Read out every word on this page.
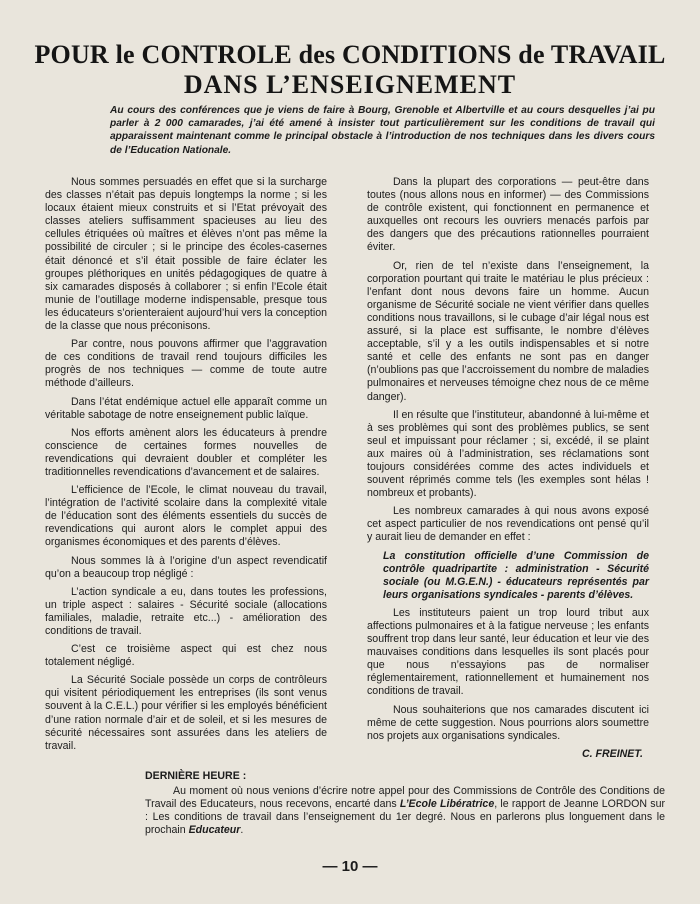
POUR le CONTROLE des CONDITIONS de TRAVAIL
DANS L’ENSEIGNEMENT
Au cours des conférences que je viens de faire à Bourg, Grenoble et Albertville et au cours desquelles j’ai pu parler à 2 000 camarades, j’ai été amené à insister tout particulièrement sur les conditions de travail qui apparaissent maintenant comme le principal obstacle à l’introduction de nos techniques dans les divers cours de l’Education Nationale.

Nous sommes persuadés en effet que si la surcharge des classes n’était pas depuis longtemps la norme ; si les locaux étaient mieux construits et si l’Etat prévoyait des classes ateliers suffisamment spacieuses au lieu des cellules étriquées où maîtres et élèves n’ont pas même la possibilité de circuler ; si le principe des écoles-casernes était dénoncé et s’il était possible de faire éclater les groupes pléthoriques en unités pédagogiques de quatre à six camarades disposés à collaborer ; si enfin l’Ecole était munie de l’outillage moderne indispensable, presque tous les éducateurs s’orienteraient aujourd’hui vers la conception de la classe que nous préconisons.

Par contre, nous pouvons affirmer que l’aggravation de ces conditions de travail rend toujours difficiles les progrès de nos techniques — comme de toute autre méthode d’ailleurs.

Dans l’état endémique actuel elle apparaît comme un véritable sabotage de notre enseignement public laïque.

Nos efforts amènent alors les éducateurs à prendre conscience de certaines formes nouvelles de revendications qui devraient doubler et compléter les traditionnelles revendications d’avancement et de salaires.

L’efficience de l’Ecole, le climat nouveau du travail, l’intégration de l’activité scolaire dans la complexité vitale de l’éducation sont des éléments essentiels du succès de revendications qui auront alors le complet appui des organismes économiques et des parents d’élèves.

Nous sommes là à l’origine d’un aspect revendicatif qu’on a beaucoup trop négligé :

L’action syndicale a eu, dans toutes les professions, un triple aspect : salaires - Sécurité sociale (allocations familiales, maladie, retraite etc...) - amélioration des conditions de travail.

C’est ce troisième aspect qui est chez nous totalement négligé.

La Sécurité Sociale possède un corps de contrôleurs qui visitent périodiquement les entreprises (ils sont venus souvent à la C.E.L.) pour vérifier si les employés bénéficient d’une ration normale d’air et de soleil, et si les mesures de sécurité nécessaires sont assurées dans les ateliers de travail.

Dans la plupart des corporations — peut-être dans toutes (nous allons nous en informer) — des Commissions de contrôle existent, qui fonctionnent en permanence et auxquelles ont recours les ouvriers menacés parfois par des dangers que des précautions rationnelles pourraient éviter.

Or, rien de tel n’existe dans l’enseignement, la corporation pourtant qui traite le matériau le plus précieux : l’enfant dont nous devons faire un homme. Aucun organisme de Sécurité sociale ne vient vérifier dans quelles conditions nous travaillons, si le cubage d’air légal nous est assuré, si la place est suffisante, le nombre d’élèves acceptable, s’il y a les outils indispensables et si notre santé et celle des enfants ne sont pas en danger (n’oublions pas que l’accroissement du nombre de maladies pulmonaires et nerveuses témoigne chez nous de ce même danger).

Il en résulte que l’instituteur, abandonné à lui-même et à ses problèmes qui sont des problèmes publics, se sent seul et impuissant pour réclamer ; si, excédé, il se plaint aux maires où à l’administration, ses réclamations sont toujours considérées comme des actes individuels et souvent réprimés comme tels (les exemples sont hélas ! nombreux et probants).

Les nombreux camarades à qui nous avons exposé cet aspect particulier de nos revendications ont pensé qu’il y aurait lieu de demander en effet :

La constitution officielle d’une Commission de contrôle quadripartite : administration - Sécurité sociale (ou M.G.E.N.) - éducateurs représentés par leurs organisations syndicales - parents d’élèves.

Les instituteurs paient un trop lourd tribut aux affections pulmonaires et à la fatigue nerveuse ; les enfants souffrent trop dans leur santé, leur éducation et leur vie des mauvaises conditions dans lesquelles ils sont placés pour que nous n’essayions pas de normaliser réglementairement, rationnellement et humainement nos conditions de travail.

Nous souhaiterions que nos camarades discutent ici même de cette suggestion. Nous pourrions alors soumettre nos projets aux organisations syndicales.

C. FREINET.

DERNIÈRE HEURE :

Au moment où nous venions d’écrire notre appel pour des Commissions de Contrôle des Conditions de Travail des Educateurs, nous recevons, encarté dans L’Ecole Libératrice, le rapport de Jeanne LORDON sur : Les conditions de travail dans l’enseignement du 1er degré. Nous en parlerons plus longuement dans le prochain Educateur.

— 10 —
